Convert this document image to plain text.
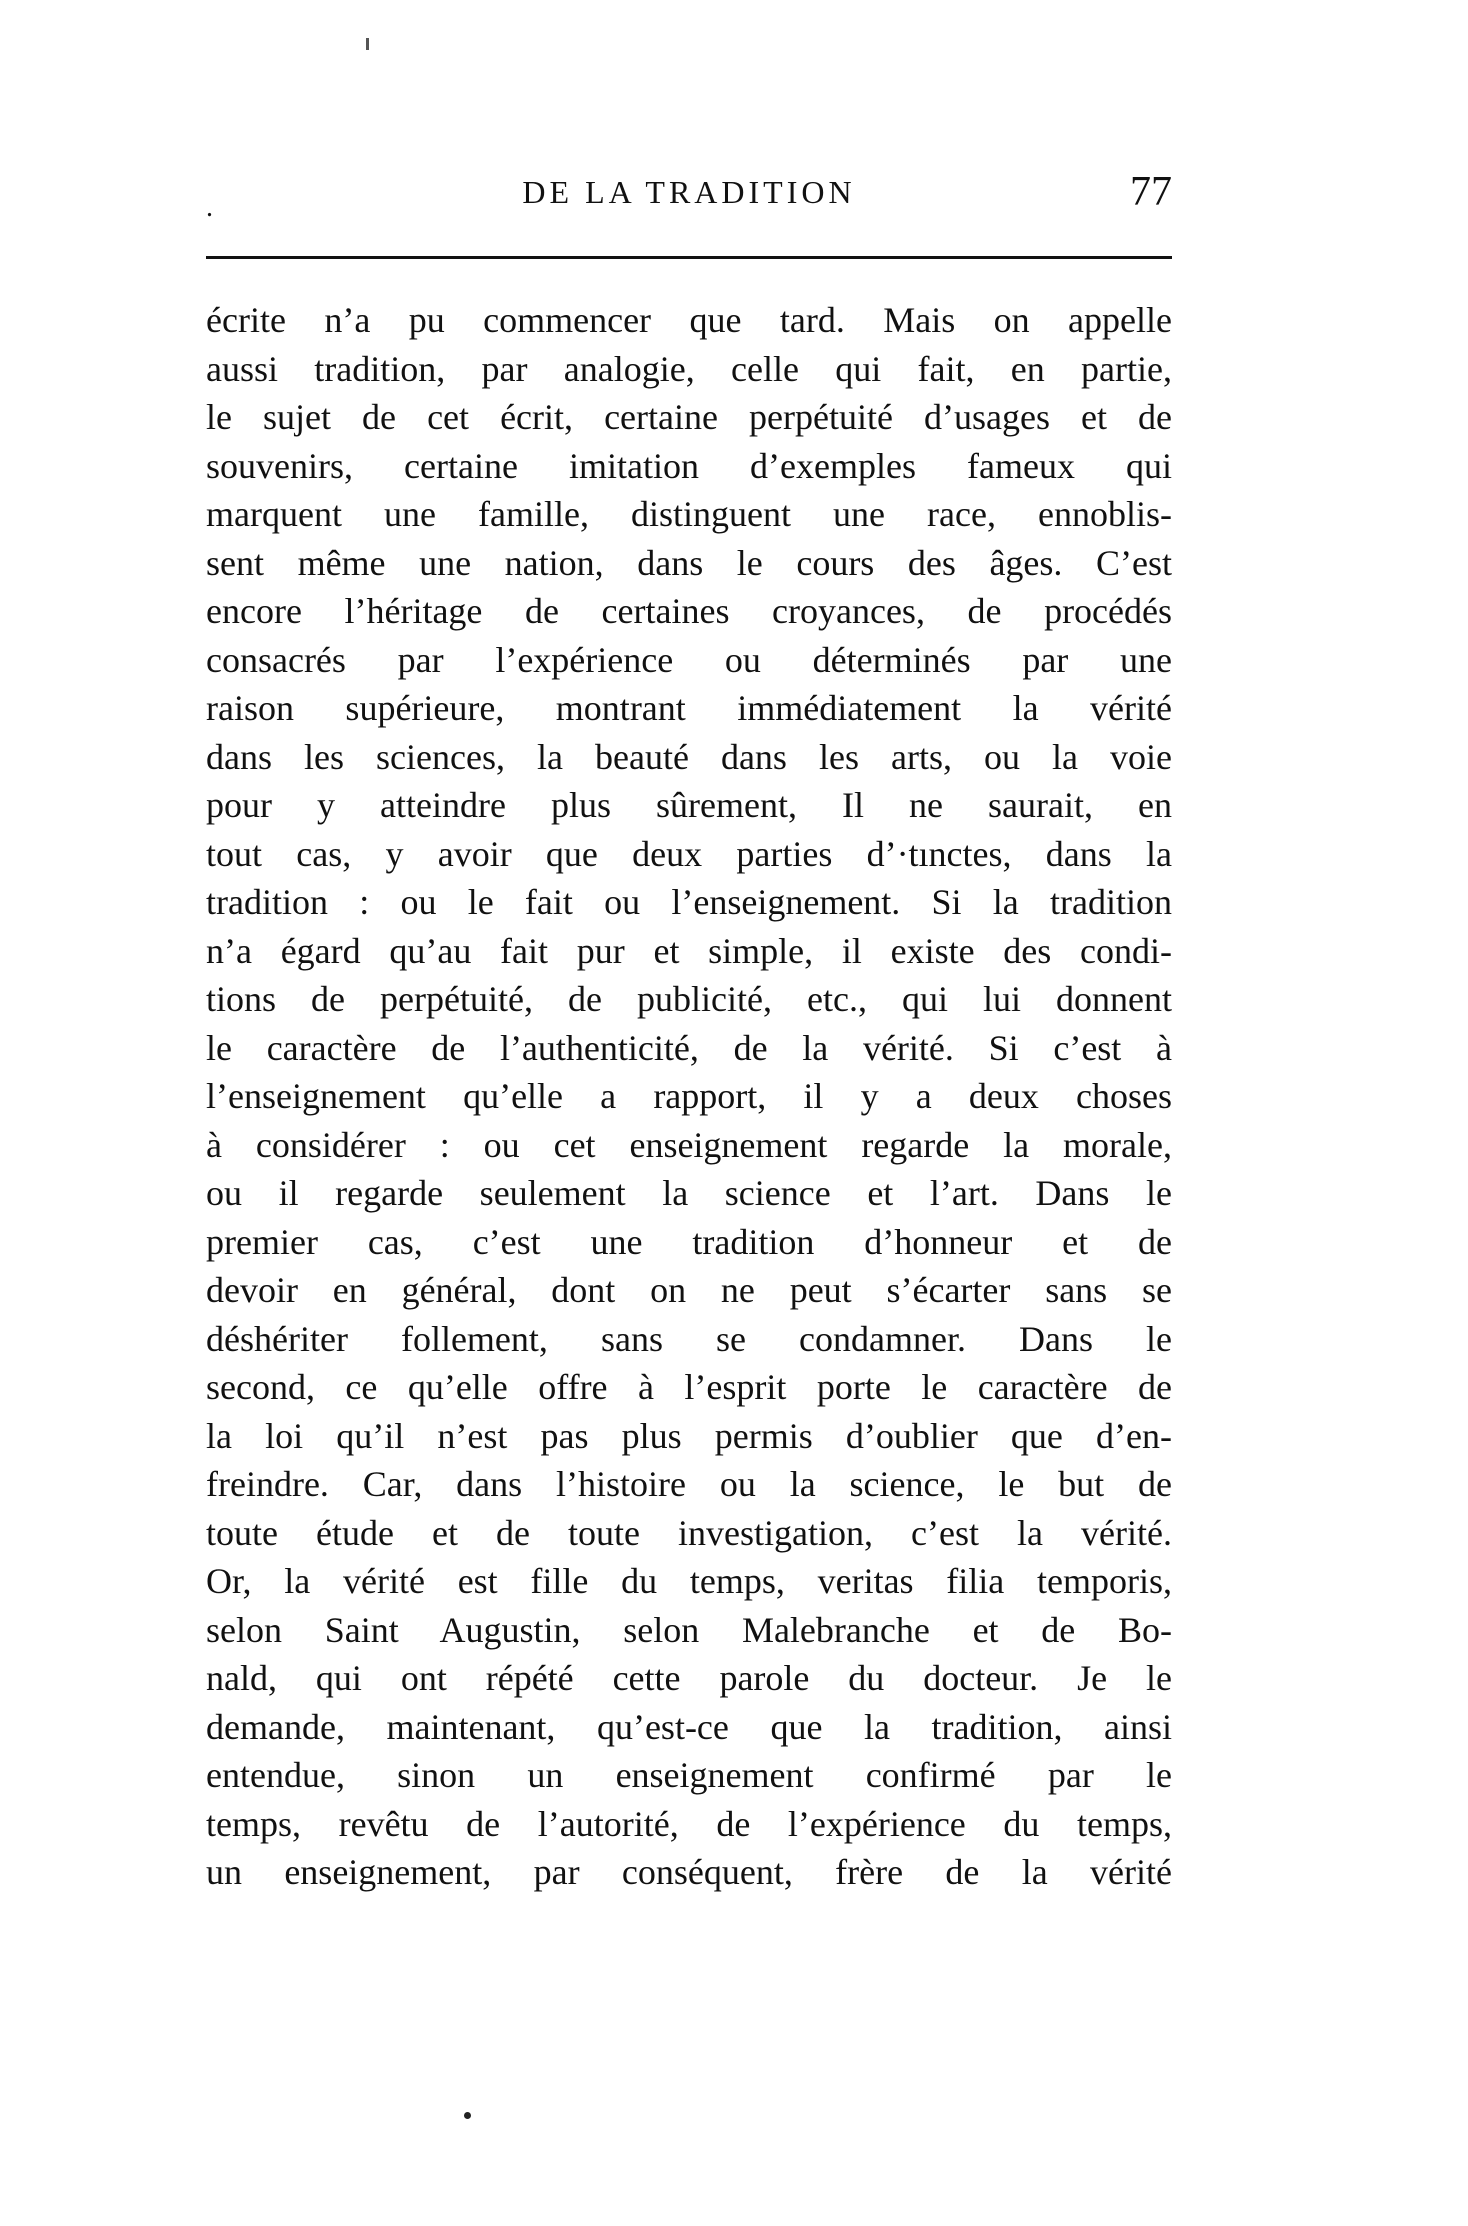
.	DE LA TRADITION	77
écrite n’a pu commencer que tard. Mais on appelle
aussi tradition, par analogie, celle qui fait, en partie,
le sujet de cet écrit, certaine perpétuité d’usages et de
souvenirs, certaine imitation d’exemples fameux qui
marquent une famille, distinguent une race, ennoblis-
sent même une nation, dans le cours des âges. C’est
encore l’héritage de certaines croyances, de procédés
consacrés par l’expérience ou déterminés par une
raison supérieure, montrant immédiatement la vérité
dans les sciences, la beauté dans les arts, ou la voie
pour y atteindre plus sûrement, Il ne saurait, en
tout cas, y avoir que deux parties d’·tınctes, dans la
tradition : ou le fait ou l’enseignement. Si la tradition
n’a égard qu’au fait pur et simple, il existe des condi-
tions de perpétuité, de publicité, etc., qui lui donnent
le caractère de l’authenticité, de la vérité. Si c’est à
l’enseignement qu’elle a rapport, il y a deux choses
à considérer : ou cet enseignement regarde la morale,
ou il regarde seulement la science et l’art. Dans le
premier cas, c’est une tradition d’honneur et de
devoir en général, dont on ne peut s’écarter sans se
déshériter follement, sans se condamner. Dans le
second, ce qu’elle offre à l’esprit porte le caractère de
la loi qu’il n’est pas plus permis d’oublier que d’en-
freindre. Car, dans l’histoire ou la science, le but de
toute étude et de toute investigation, c’est la vérité.
Or, la vérité est fille du temps, veritas filia temporis,
selon Saint Augustin, selon Malebranche et de Bo-
nald, qui ont répété cette parole du docteur. Je le
demande, maintenant, qu’est-ce que la tradition, ainsi
entendue, sinon un enseignement confirmé par le
temps, revêtu de l’autorité, de l’expérience du temps,
un enseignement, par conséquent, frère de la vérité
